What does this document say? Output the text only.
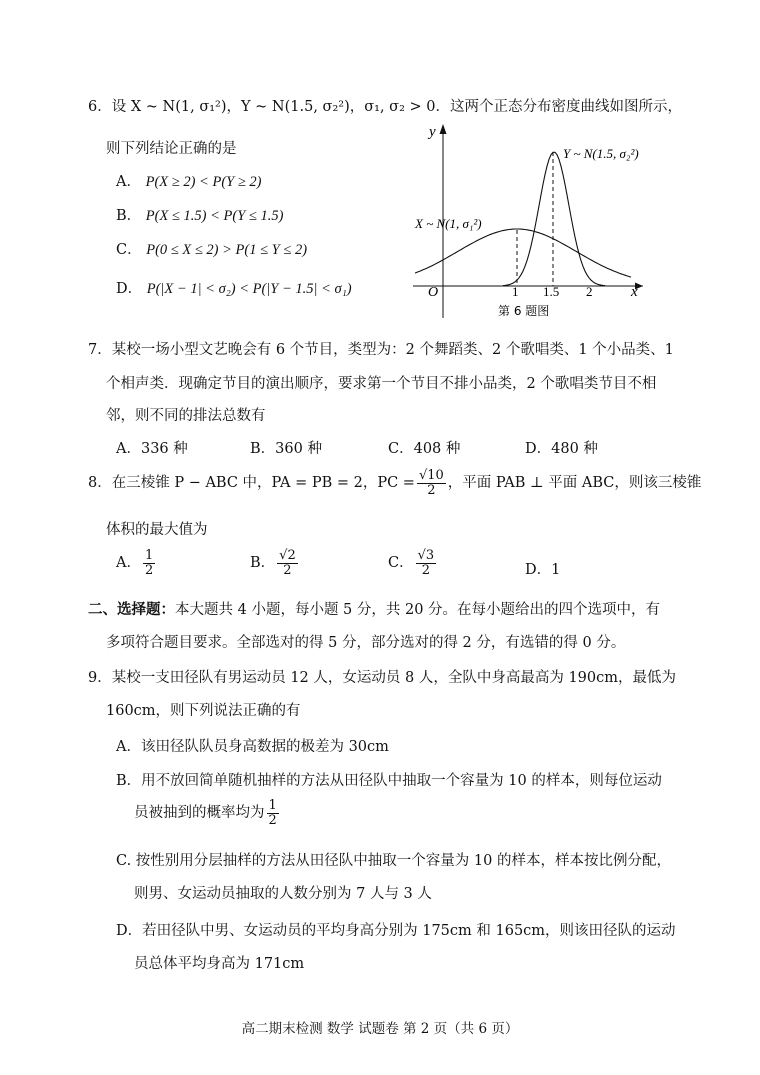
6．设 X ~ N(1, σ₁²)，Y ~ N(1.5, σ₂²)，σ₁, σ₂ > 0．这两个正态分布密度曲线如图所示，
则下列结论正确的是
A． P(X ≥ 2) < P(Y ≥ 2)
B． P(X ≤ 1.5) < P(Y ≤ 1.5)
C． P(0 ≤ X ≤ 2) > P(1 ≤ Y ≤ 2)
D． P(|X − 1| < σ₂) < P(|Y − 1.5| < σ₁)
y
x
O	1 1.5 2
X ~ N(1, σ₁²)
Y ~ N(1.5, σ₂²)
第 6 题图
7．某校一场小型文艺晚会有 6 个节目，类型为：2 个舞蹈类、2 个歌唱类、1 个小品类、1
个相声类．现确定节目的演出顺序，要求第一个节目不排小品类，2 个歌唱类节目不相
邻，则不同的排法总数有
A．336 种	B．360 种	C．408 种	D．480 种
8．在三棱锥 P − ABC 中，PA = PB = 2，PC = $\frac{√10}{2}$ ，平面 PAB ⊥ 平面 ABC，则该三棱锥
体积的最大值为
A． $\frac{1}{2}$	B． $\frac{√2}{2}$	C． $\frac{√3}{2}$	D．1
二、选择题：本大题共 4 小题，每小题 5 分，共 20 分。在每小题给出的四个选项中，有
多项符合题目要求。全部选对的得 5 分，部分选对的得 2 分，有选错的得 0 分。
9．某校一支田径队有男运动员 12 人，女运动员 8 人，全队中身高最高为 190cm，最低为
160cm，则下列说法正确的有
A．该田径队队员身高数据的极差为 30cm
B．用不放回简单随机抽样的方法从田径队中抽取一个容量为 10 的样本，则每位运动
员被抽到的概率均为 $\frac{1}{2}$
C. 按性别用分层抽样的方法从田径队中抽取一个容量为 10 的样本，样本按比例分配，
则男、女运动员抽取的人数分别为 7 人与 3 人
D．若田径队中男、女运动员的平均身高分别为 175cm 和 165cm，则该田径队的运动
员总体平均身高为 171cm
高二期末检测 数学 试题卷 第 2 页（共 6 页）
